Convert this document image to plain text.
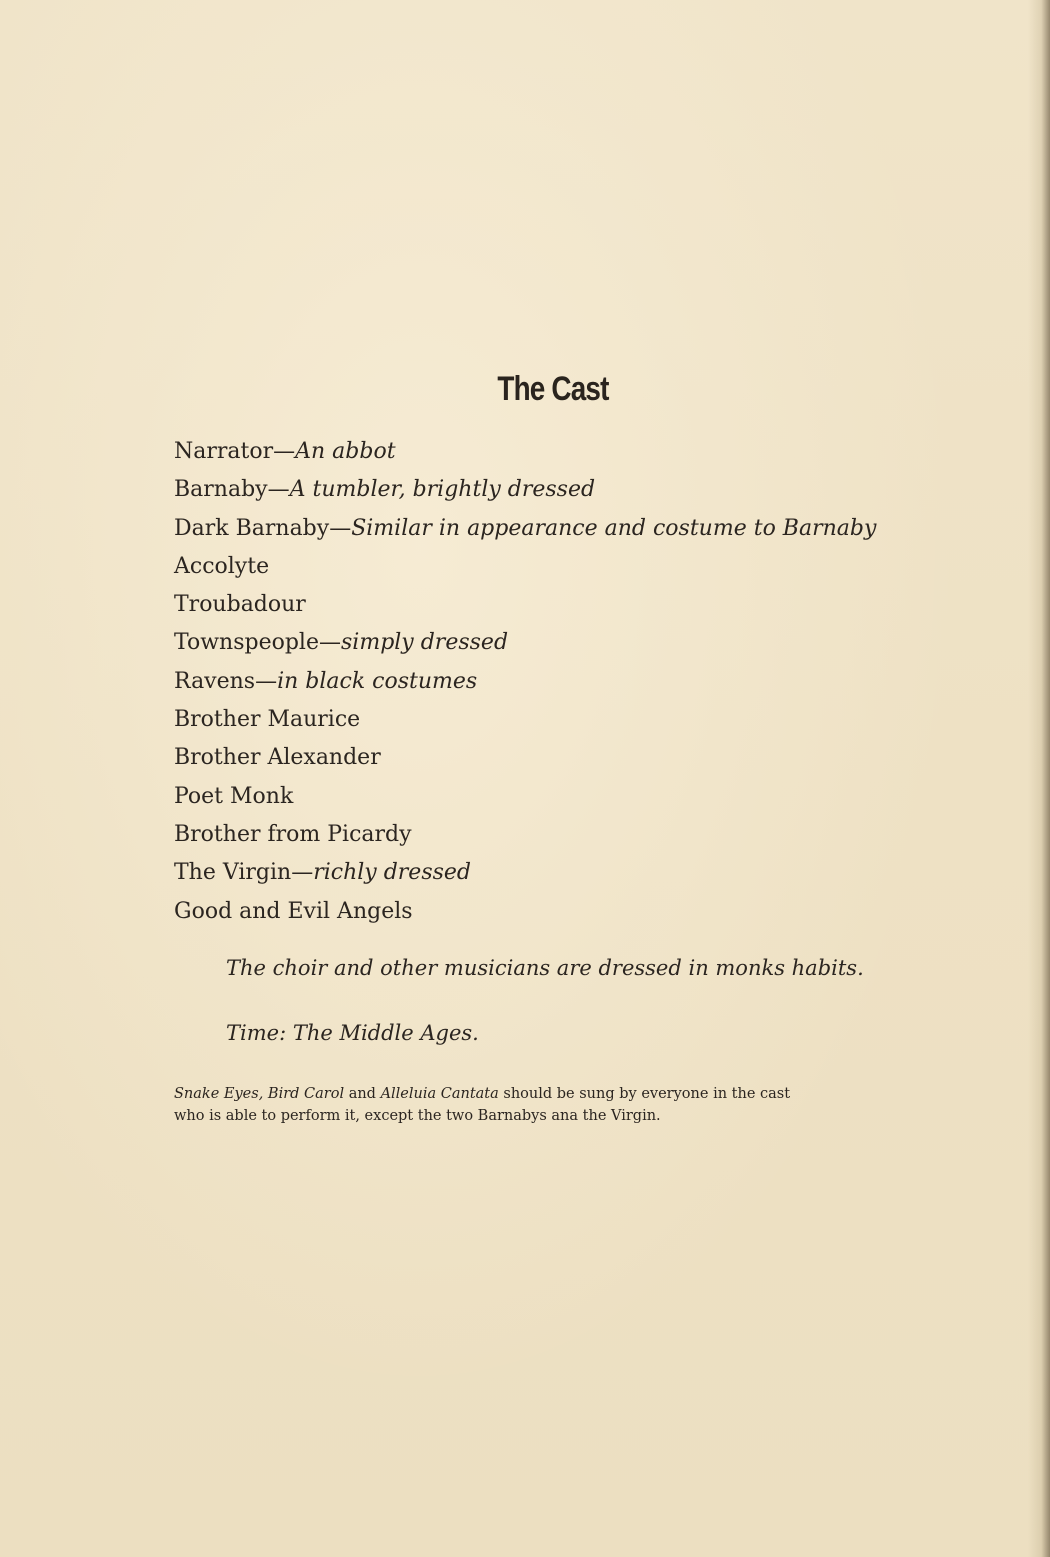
The Cast
Narrator—An abbot
Barnaby—A tumbler, brightly dressed
Dark Barnaby—Similar in appearance and costume to Barnaby
Accolyte
Troubadour
Townspeople—simply dressed
Ravens—in black costumes
Brother Maurice
Brother Alexander
Poet Monk
Brother from Picardy
The Virgin—richly dressed
Good and Evil Angels
The choir and other musicians are dressed in monks habits.
Time: The Middle Ages.
Snake Eyes, Bird Carol and Alleluia Cantata should be sung by everyone in the cast
who is able to perform it, except the two Barnabys ana the Virgin.
